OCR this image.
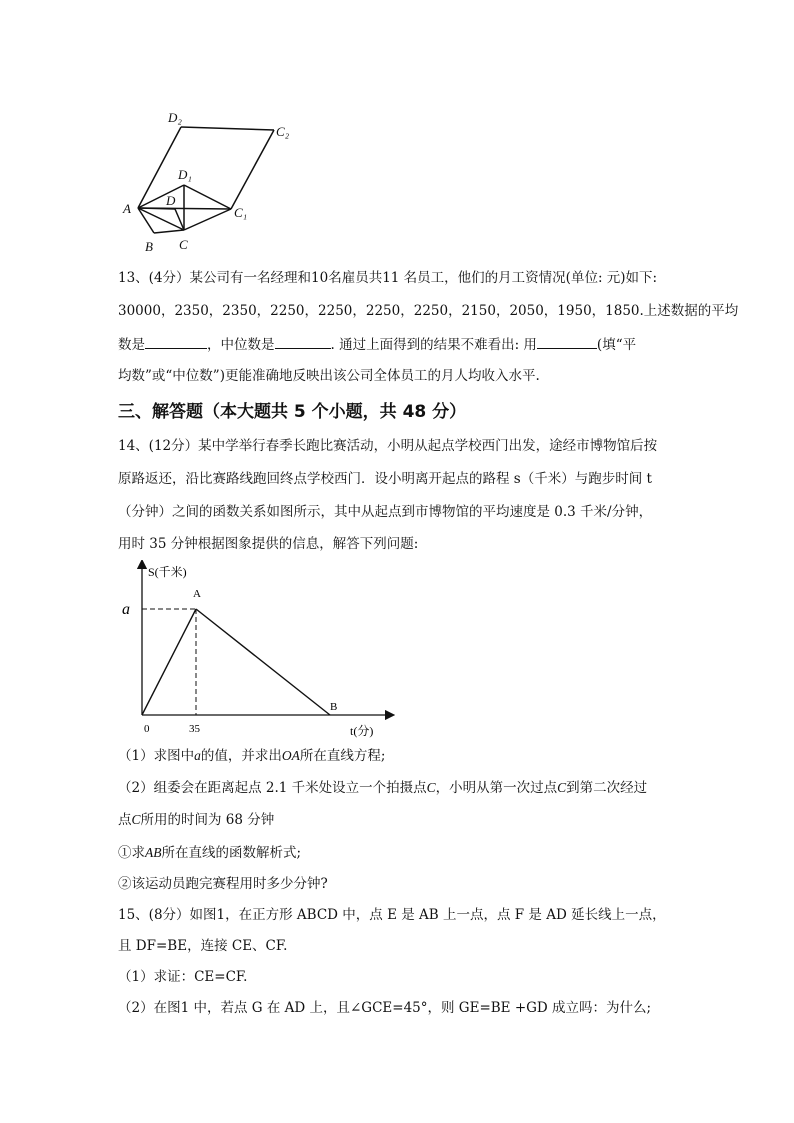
D₂
C₂
D₁
D
A	C₁
B C
13、(4分）某公司有一名经理和10名雇员共11 名员工，他们的月工资情况(单位: 元)如下:
30000，2350，2350，2250，2250，2250，2250，2150，2050，1950，1850.上述数据的平均
数是	，中位数是	. 通过上面得到的结果不难看出: 用	(填“平
均数”或“中位数”)更能准确地反映出该公司全体员工的月人均收入水平.
三、解答题（本大题共 5 个小题，共 48 分）
14、(12分）某中学举行春季长跑比赛活动，小明从起点学校西门出发，途经市博物馆后按
原路返还，沿比赛路线跑回终点学校西门．设小明离开起点的路程 s（千米）与跑步时间 t
（分钟）之间的函数关系如图所示，其中从起点到市博物馆的平均速度是 0.3 千米/分钟，
用时 35 分钟根据图象提供的信息，解答下列问题:
S(千米)
t(分)
a
A
B
0	35
（1）求图中a的值，并求出OA所在直线方程;
（2）组委会在距离起点 2.1 千米处设立一个拍摄点C，小明从第一次过点C到第二次经过
点C所用的时间为 68 分钟
①求AB所在直线的函数解析式;
②该运动员跑完赛程用时多少分钟?
15、(8分）如图1，在正方形 ABCD 中，点 E 是 AB 上一点，点 F 是 AD 延长线上一点，
且 DF=BE，连接 CE、CF.
（1）求证：CE=CF.
（2）在图1 中，若点 G 在 AD 上，且∠GCE=45°，则 GE=BE +GD 成立吗：为什么;
